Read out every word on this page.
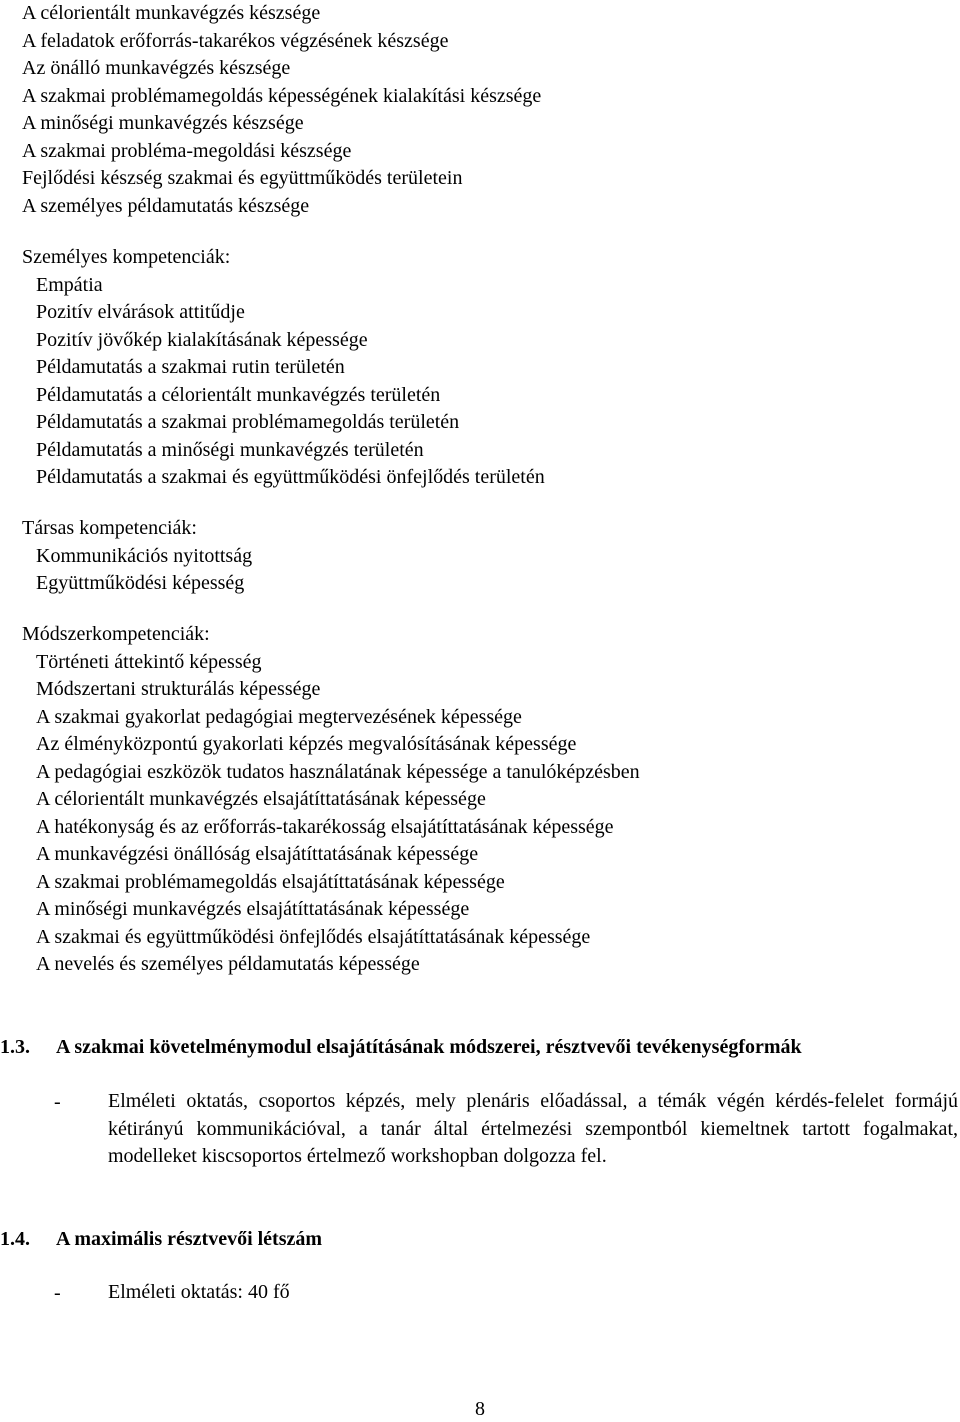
A célorientált munkavégzés készsége
A feladatok erőforrás-takarékos végzésének készsége
Az önálló munkavégzés készsége
A szakmai problémamegoldás képességének kialakítási készsége
A minőségi munkavégzés készsége
A szakmai probléma-megoldási készsége
Fejlődési készség szakmai és együttműködés területein
A személyes példamutatás készsége
Személyes kompetenciák:
Empátia
Pozitív elvárások attitűdje
Pozitív jövőkép kialakításának képessége
Példamutatás a szakmai rutin területén
Példamutatás a célorientált munkavégzés területén
Példamutatás a szakmai problémamegoldás területén
Példamutatás a minőségi munkavégzés területén
Példamutatás a szakmai és együttműködési önfejlődés területén
Társas kompetenciák:
Kommunikációs nyitottság
Együttműködési képesség
Módszerkompetenciák:
Történeti áttekintő képesség
Módszertani strukturálás képessége
A szakmai gyakorlat pedagógiai megtervezésének képessége
Az élményközpontú gyakorlati képzés megvalósításának képessége
A pedagógiai eszközök tudatos használatának képessége a tanulóképzésben
A célorientált munkavégzés elsajátíttatásának képessége
A hatékonyság és az erőforrás-takarékosság elsajátíttatásának képessége
A munkavégzési önállóság elsajátíttatásának képessége
A szakmai problémamegoldás elsajátíttatásának képessége
A minőségi munkavégzés elsajátíttatásának képessége
A szakmai és együttműködési önfejlődés elsajátíttatásának képessége
A nevelés és személyes példamutatás képessége
1.3. A szakmai követelménymodul elsajátításának módszerei, résztvevői tevékenységformák
- Elméleti oktatás, csoportos képzés, mely plenáris előadással, a témák végén kérdés-felelet formájú kétirányú kommunikációval, a tanár által értelmezési szempontból kiemeltnek tartott fogalmakat, modelleket kiscsoportos értelmező workshopban dolgozza fel.
1.4. A maximális résztvevői létszám
- Elméleti oktatás: 40 fő
8
